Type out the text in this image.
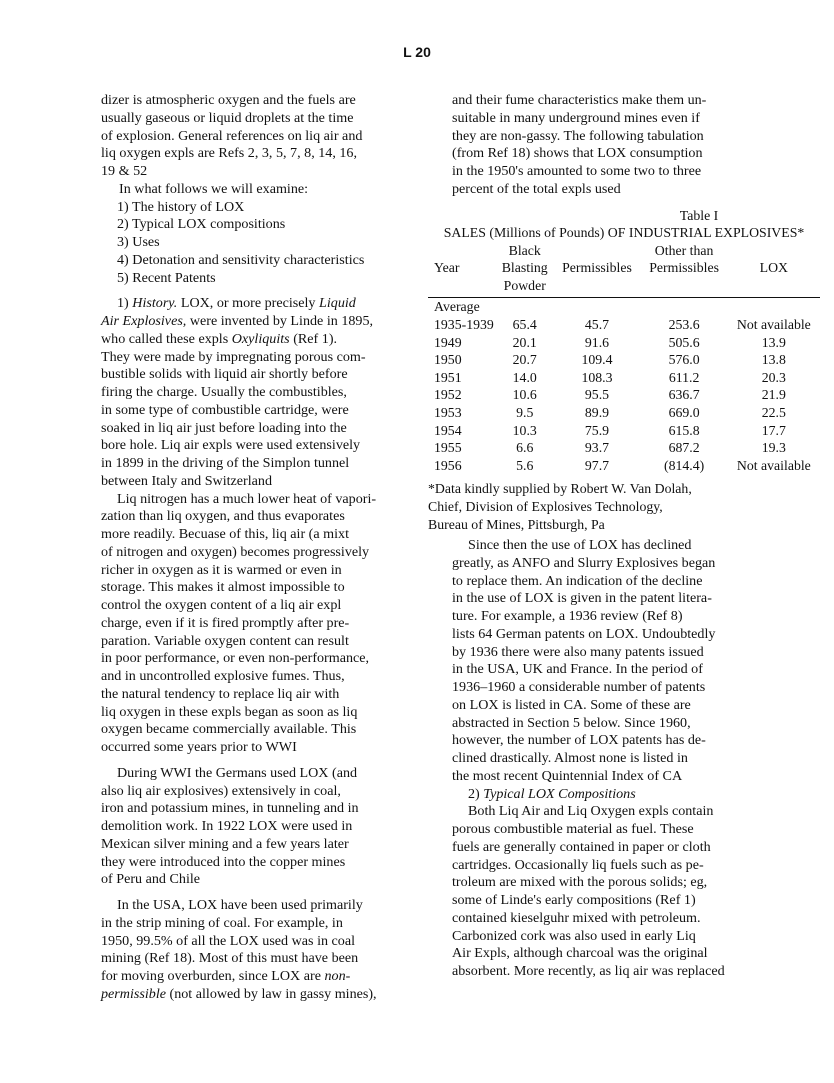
L 20
dizer is atmospheric oxygen and the fuels are
usually gaseous or liquid droplets at the time
of explosion. General references on liq air and
liq oxygen expls are Refs 2, 3, 5, 7, 8, 14, 16,
19 & 52
In what follows we will examine:
1) The history of LOX
2) Typical LOX compositions
3) Uses
4) Detonation and sensitivity characteristics
5) Recent Patents
1) History. LOX, or more precisely Liquid
Air Explosives, were invented by Linde in 1895,
who called these expls Oxyliquits (Ref 1).
They were made by impregnating porous com-
bustible solids with liquid air shortly before
firing the charge. Usually the combustibles,
in some type of combustible cartridge, were
soaked in liq air just before loading into the
bore hole. Liq air expls were used extensively
in 1899 in the driving of the Simplon tunnel
between Italy and Switzerland
Liq nitrogen has a much lower heat of vapori-
zation than liq oxygen, and thus evaporates
more readily. Becuase of this, liq air (a mixt
of nitrogen and oxygen) becomes progressively
richer in oxygen as it is warmed or even in
storage. This makes it almost impossible to
control the oxygen content of a liq air expl
charge, even if it is fired promptly after pre-
paration. Variable oxygen content can result
in poor performance, or even non-performance,
and in uncontrolled explosive fumes. Thus,
the natural tendency to replace liq air with
liq oxygen in these expls began as soon as liq
oxygen became commercially available. This
occurred some years prior to WWI
During WWI the Germans used LOX (and
also liq air explosives) extensively in coal,
iron and potassium mines, in tunneling and in
demolition work. In 1922 LOX were used in
Mexican silver mining and a few years later
they were introduced into the copper mines
of Peru and Chile
In the USA, LOX have been used primarily
in the strip mining of coal. For example, in
1950, 99.5% of all the LOX used was in coal
mining (Ref 18). Most of this must have been
for moving overburden, since LOX are non-
permissible (not allowed by law in gassy mines),
and their fume characteristics make them un-
suitable in many underground mines even if
they are non-gassy. The following tabulation
(from Ref 18) shows that LOX consumption
in the 1950's amounted to some two to three
percent of the total expls used
Table I
SALES (Millions of Pounds) OF INDUSTRIAL EXPLOSIVES*
Year	Black
Blasting
Powder	Permissibles	Other than
Permissibles	LOX

Average				
1935-1939	65.4	45.7	253.6	Not available
1949	20.1	91.6	505.6	13.9
1950	20.7	109.4	576.0	13.8
1951	14.0	108.3	611.2	20.3
1952	10.6	95.5	636.7	21.9
1953	9.5	89.9	669.0	22.5
1954	10.3	75.9	615.8	17.7
1955	6.6	93.7	687.2	19.3
1956	5.6	97.7	(814.4)	Not available
*Data kindly supplied by Robert W. Van Dolah,
Chief, Division of Explosives Technology,
Bureau of Mines, Pittsburgh, Pa
Since then the use of LOX has declined
greatly, as ANFO and Slurry Explosives began
to replace them. An indication of the decline
in the use of LOX is given in the patent litera-
ture. For example, a 1936 review (Ref 8)
lists 64 German patents on LOX. Undoubtedly
by 1936 there were also many patents issued
in the USA, UK and France. In the period of
1936–1960 a considerable number of patents
on LOX is listed in CA. Some of these are
abstracted in Section 5 below. Since 1960,
however, the number of LOX patents has de-
clined drastically. Almost none is listed in
the most recent Quintennial Index of CA
2) Typical LOX Compositions
Both Liq Air and Liq Oxygen expls contain
porous combustible material as fuel. These
fuels are generally contained in paper or cloth
cartridges. Occasionally liq fuels such as pe-
troleum are mixed with the porous solids; eg,
some of Linde's early compositions (Ref 1)
contained kieselguhr mixed with petroleum.
Carbonized cork was also used in early Liq
Air Expls, although charcoal was the original
absorbent. More recently, as liq air was replaced
